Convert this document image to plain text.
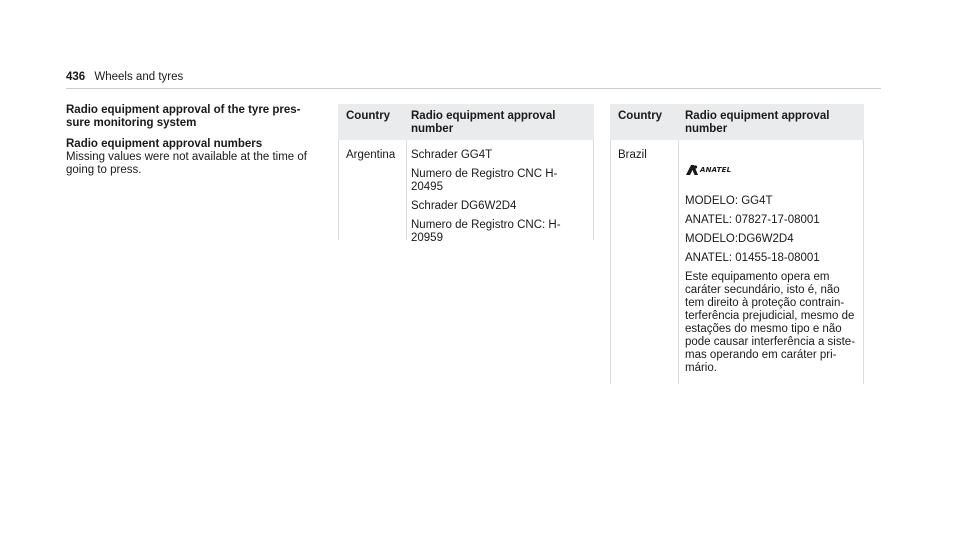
436 Wheels and tyres
Radio equipment approval of the tyre pres- sure monitoring system
Radio equipment approval numbers

Missing values were not available at the time of going to press.

Country	Radio equipment approval number
Argentina	Schrader GG4T

Numero de Registro CNC H-20495

Schrader DG6W2D4

Numero de Registro CNC: H-20959

Country	Radio equipment approval number
Brazil
ANATEL

MODELO: GG4T

ANATEL: 07827-17-08001

MODELO:DG6W2D4

ANATEL: 01455-18-08001

Este equipamento opera em caráter secundário, isto é, não tem direito à proteção contrain- terferência prejudicial, mesmo de estações do mesmo tipo e não pode causar interferência a siste- mas operando em caráter pri- mário.
